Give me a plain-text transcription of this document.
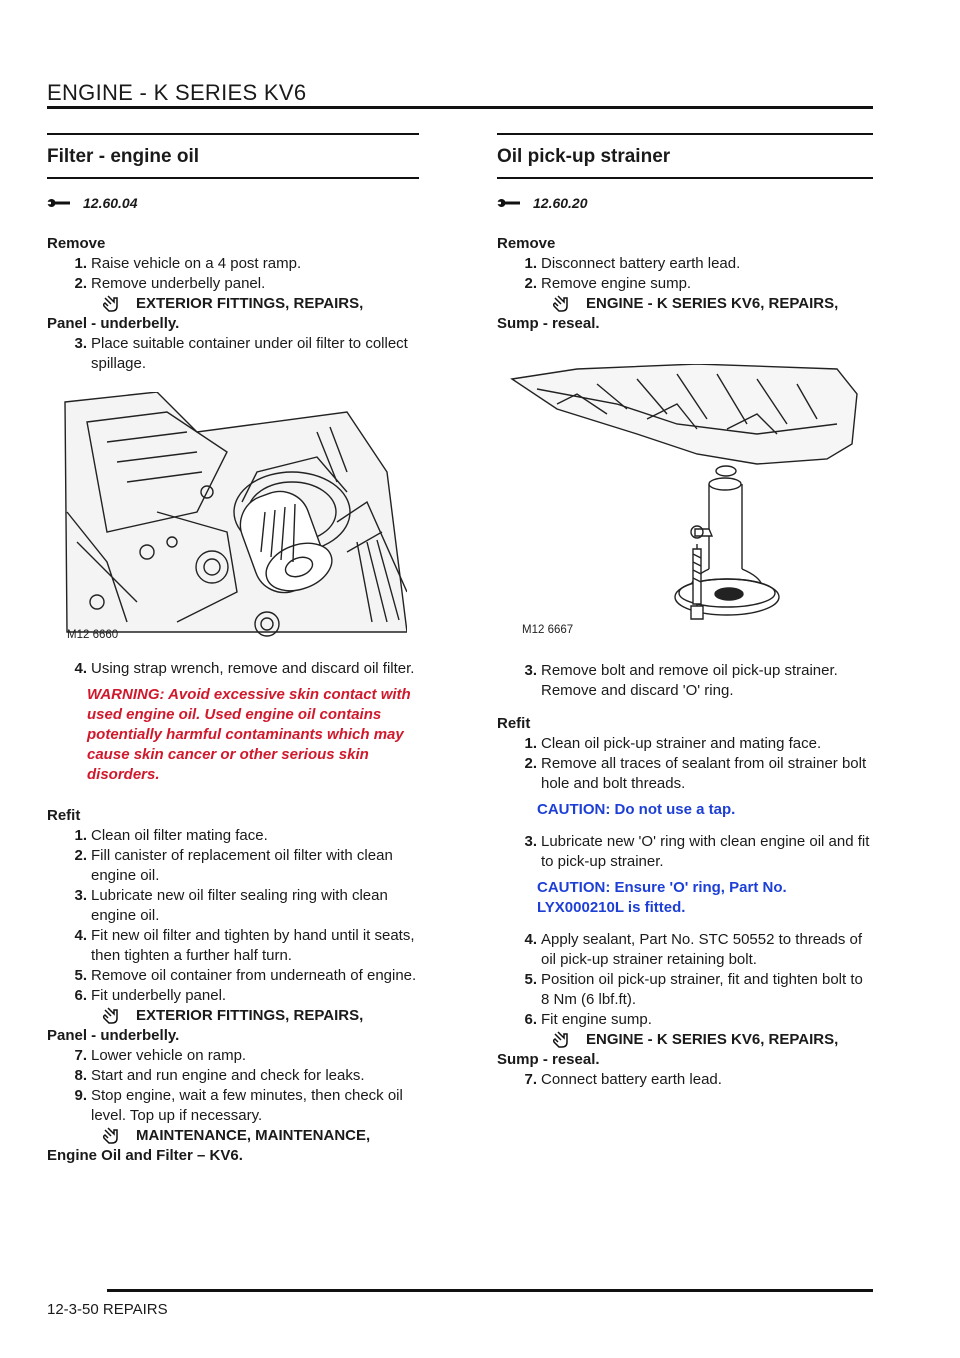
ENGINE - K SERIES KV6
Filter - engine oil
12.60.04
Remove
1. Raise vehicle on a 4 post ramp.
2. Remove underbelly panel.
EXTERIOR FITTINGS, REPAIRS,
Panel - underbelly.
3. Place suitable container under oil filter to collect spillage.
M12 6660
4. Using strap wrench, remove and discard oil filter.
WARNING: Avoid excessive skin contact with used engine oil. Used engine oil contains potentially harmful contaminants which may cause skin cancer or other serious skin disorders.
Refit
1. Clean oil filter mating face.
2. Fill canister of replacement oil filter with clean engine oil.
3. Lubricate new oil filter sealing ring with clean engine oil.
4. Fit new oil filter and tighten by hand until it seats, then tighten a further half turn.
5. Remove oil container from underneath of engine.
6. Fit underbelly panel.
EXTERIOR FITTINGS, REPAIRS,
Panel - underbelly.
7. Lower vehicle on ramp.
8. Start and run engine and check for leaks.
9. Stop engine, wait a few minutes, then check oil level. Top up if necessary.
MAINTENANCE, MAINTENANCE,
Engine Oil and Filter – KV6.
Oil pick-up strainer
12.60.20
Remove
1. Disconnect battery earth lead.
2. Remove engine sump.
ENGINE - K SERIES KV6, REPAIRS,
Sump - reseal.
M12 6667
3. Remove bolt and remove oil pick-up strainer. Remove and discard 'O' ring.
Refit
1. Clean oil pick-up strainer and mating face.
2. Remove all traces of sealant from oil strainer bolt hole and bolt threads.
CAUTION: Do not use a tap.
3. Lubricate new 'O' ring with clean engine oil and fit to pick-up strainer.
CAUTION: Ensure 'O' ring, Part No. LYX000210L is fitted.
4. Apply sealant, Part No. STC 50552 to threads of oil pick-up strainer retaining bolt.
5. Position oil pick-up strainer, fit and tighten bolt to 8 Nm (6 lbf.ft).
6. Fit engine sump.
ENGINE - K SERIES KV6, REPAIRS,
Sump - reseal.
7. Connect battery earth lead.
12-3-50 REPAIRS
